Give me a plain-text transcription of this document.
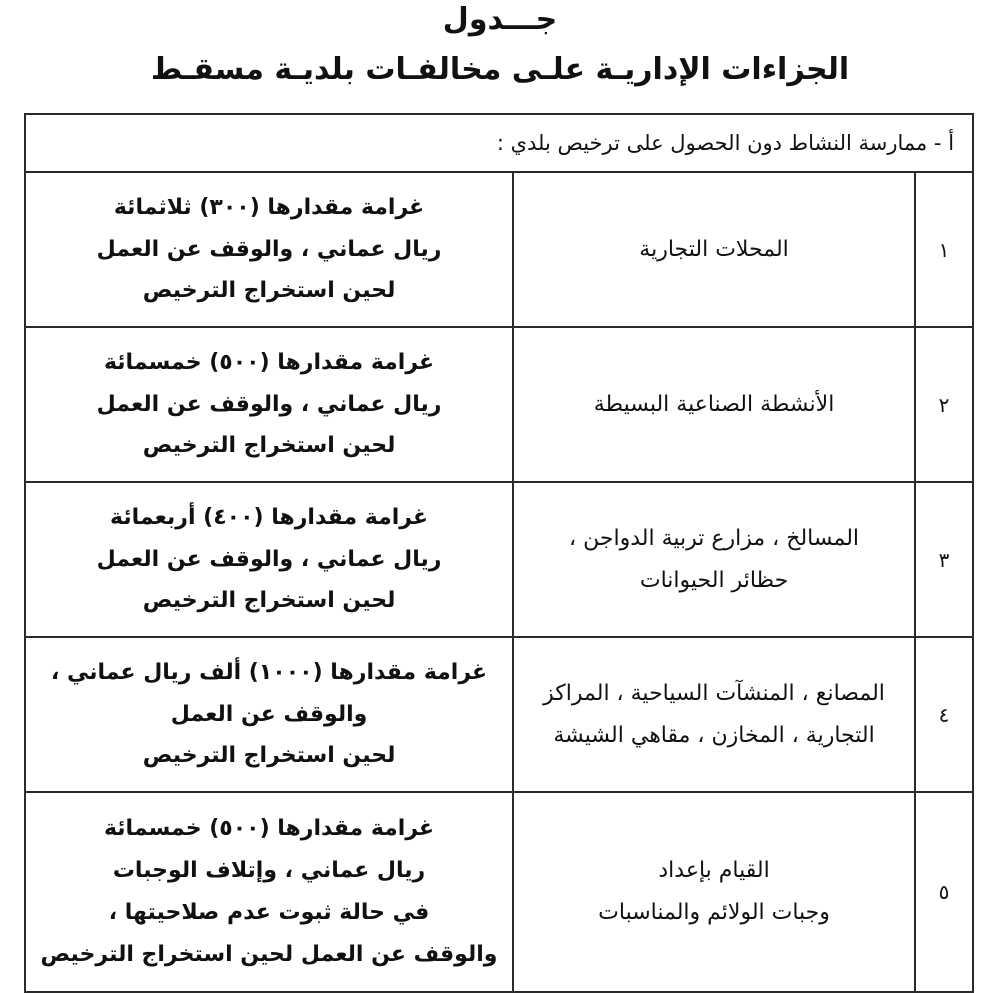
جـــدول
الجزاءات الإداريـة علـى مخالفـات بلديـة مسقـط
أ - ممارسة النشاط دون الحصول على ترخيص بلدي :		
١	المحلات التجارية	غرامة مقدارها (٣٠٠) ثلاثمائة
ريال عماني ، والوقف عن العمل
لحين استخراج الترخيص

٢	الأنشطة الصناعية البسيطة	غرامة مقدارها (٥٠٠) خمسمائة
ريال عماني ، والوقف عن العمل
لحين استخراج الترخيص

٣	المسالخ ، مزارع تربية الدواجن ،
حظائر الحيوانات	غرامة مقدارها (٤٠٠) أربعمائة
ريال عماني ، والوقف عن العمل
لحين استخراج الترخيص

٤	المصانع ، المنشآت السياحية ، المراكز
التجارية ، المخازن ، مقاهي الشيشة	غرامة مقدارها (١٠٠٠) ألف ريال عماني ،
والوقف عن العمل
لحين استخراج الترخيص

٥	القيام بإعداد
وجبات الولائم والمناسبات	غرامة مقدارها (٥٠٠) خمسمائة
ريال عماني ، وإتلاف الوجبات
في حالة ثبوت عدم صلاحيتها ،
والوقف عن العمل لحين استخراج الترخيص
